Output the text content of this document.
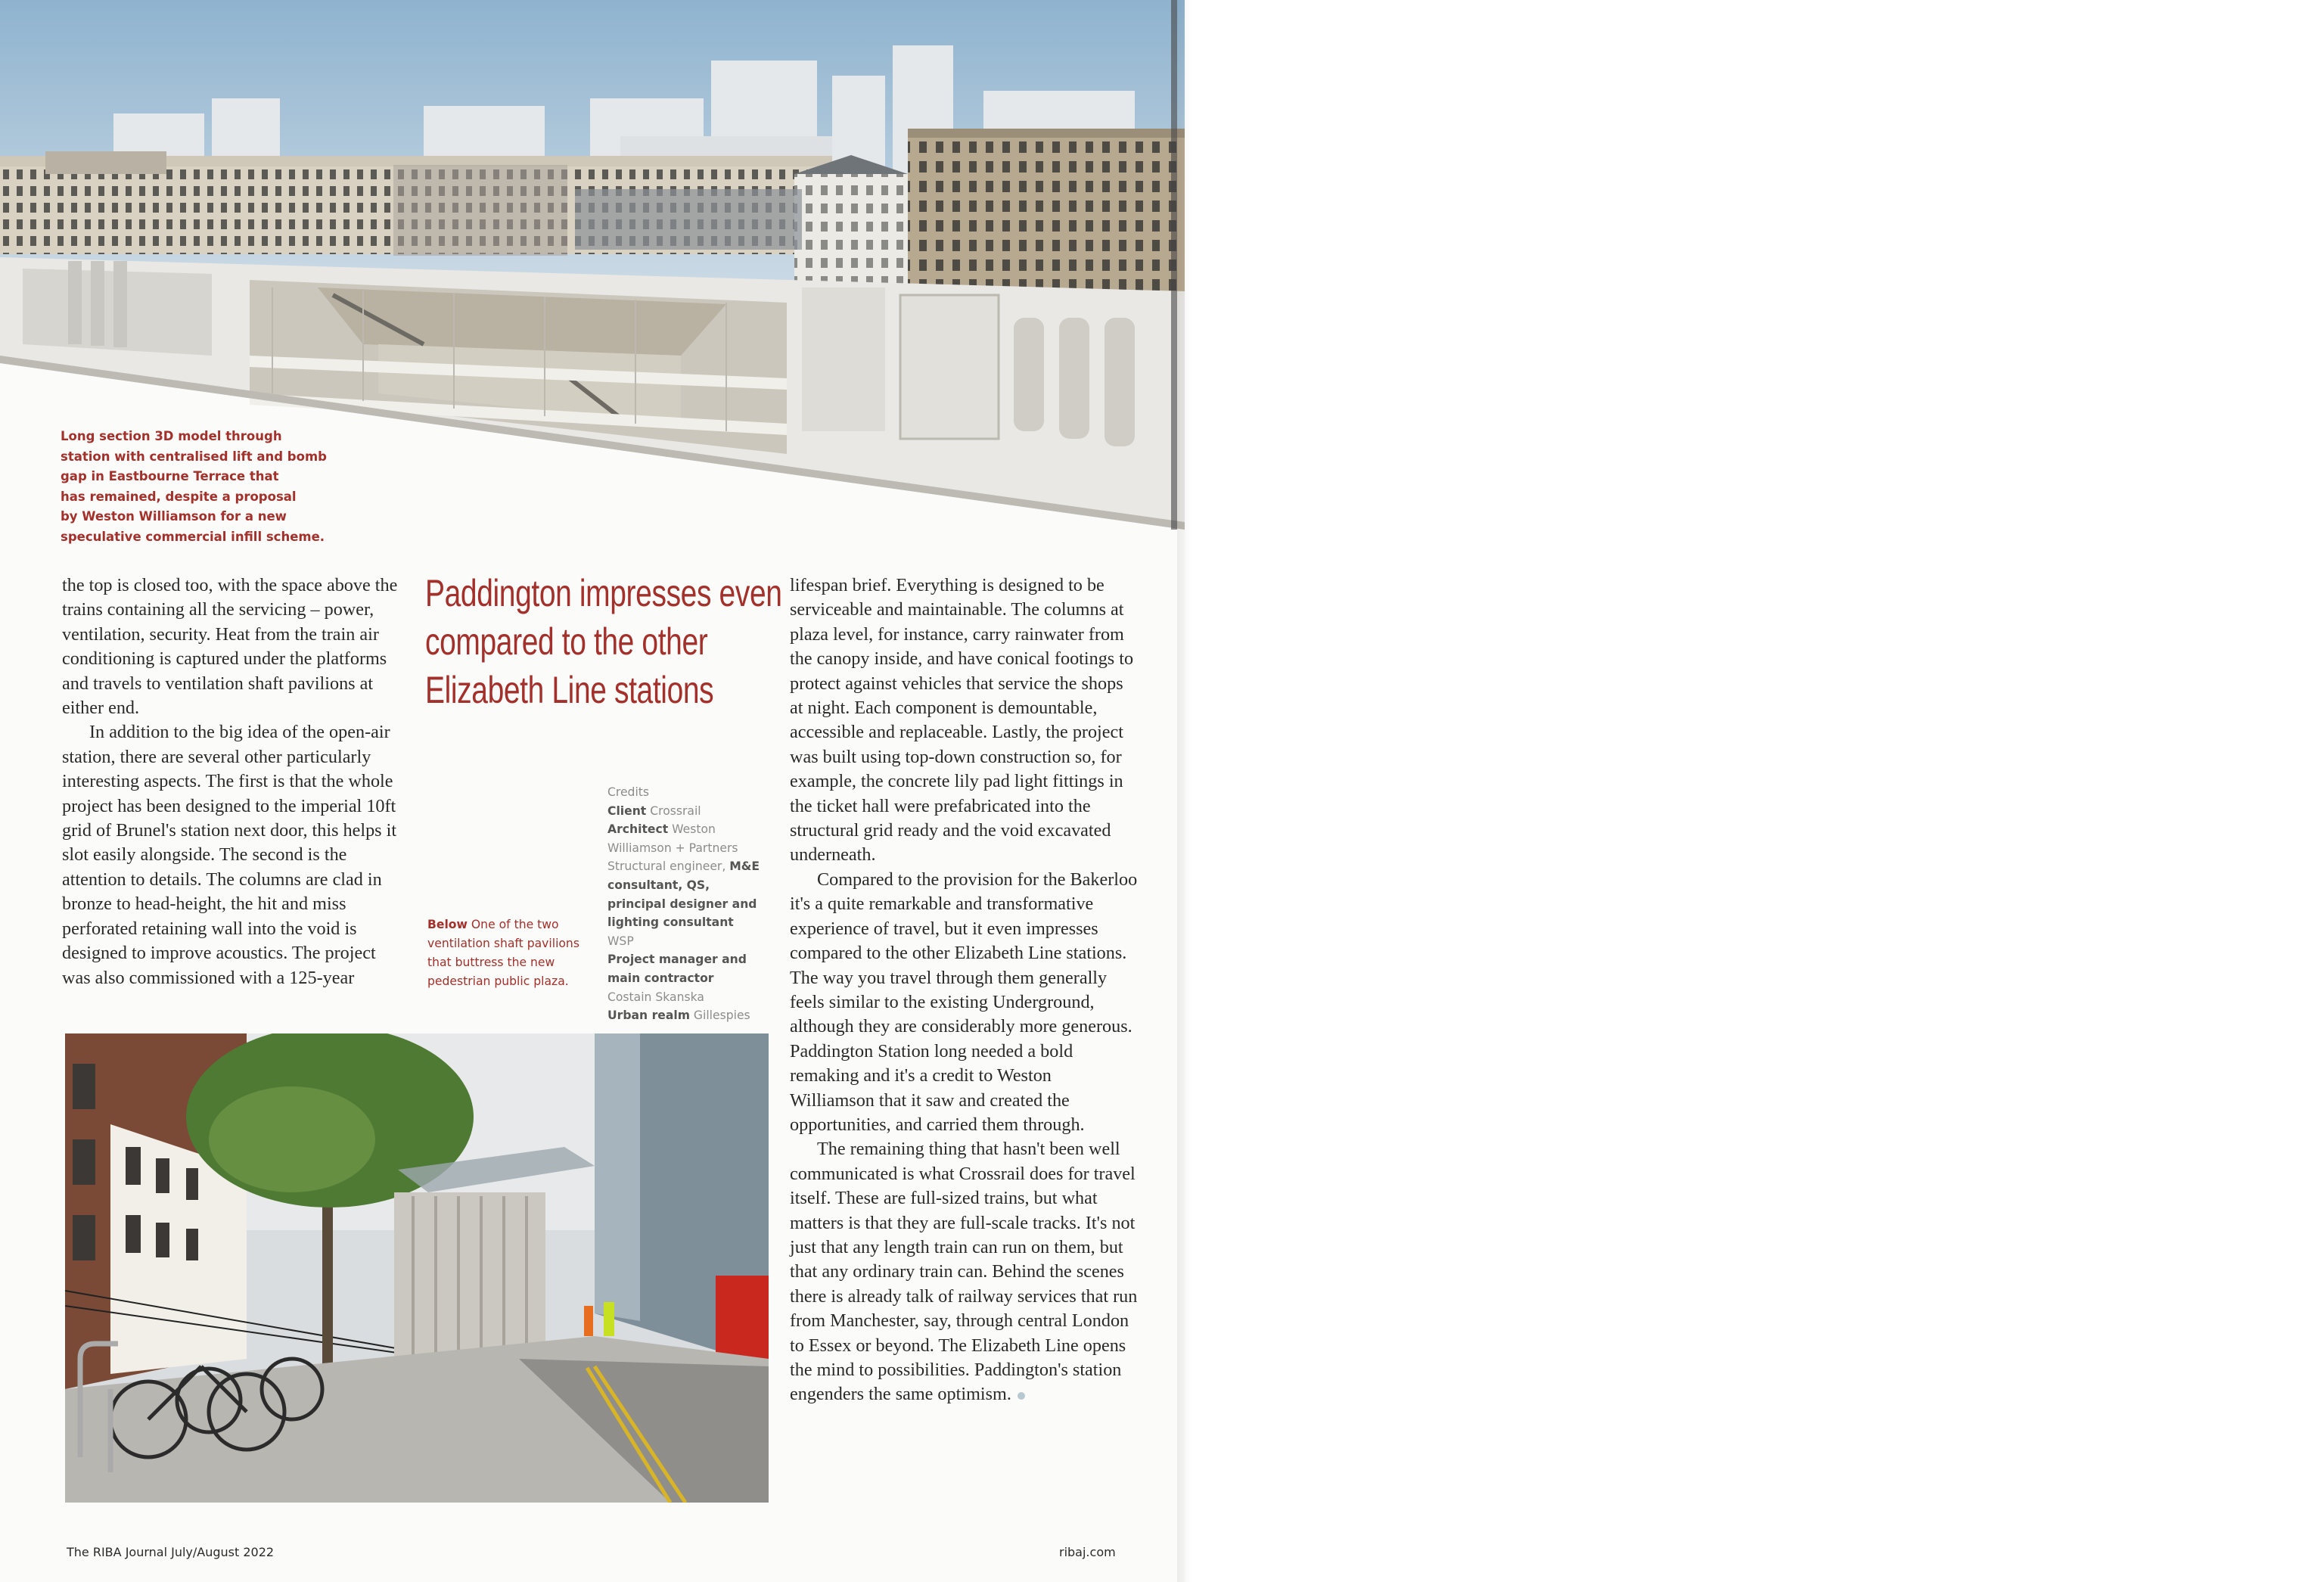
Long section 3D model through
station with centralised lift and bomb
gap in Eastbourne Terrace that
has remained, despite a proposal
by Weston Williamson for a new
speculative commercial infill scheme.

the top is closed too, with the space above the trains containing all the servicing – power, ventilation, security. Heat from the train air conditioning is captured under the platforms and travels to ventilation shaft pavilions at either end.

In addition to the big idea of the open-air station, there are several other particularly interesting aspects. The first is that the whole project has been designed to the imperial 10ft grid of Brunel's station next door, this helps it slot easily alongside. The second is the attention to details. The columns are clad in bronze to head-height, the hit and miss perforated retaining wall into the void is designed to improve acoustics. The project was also commissioned with a 125-year

Paddington impresses even
compared to the other
Elizabeth Line stations
Credits
Client Crossrail
Architect Weston Williamson + Partners
Structural engineer, M&E consultant, QS, principal designer and lighting consultant
WSP
Project manager and main contractor
Costain Skanska
Urban realm Gillespies
Below One of the two ventilation shaft pavilions that buttress the new pedestrian public plaza.

lifespan brief. Everything is designed to be serviceable and maintainable. The columns at plaza level, for instance, carry rainwater from the canopy inside, and have conical footings to protect against vehicles that service the shops at night. Each component is demountable, accessible and replaceable. Lastly, the project was built using top-down construction so, for example, the concrete lily pad light fittings in the ticket hall were prefabricated into the structural grid ready and the void excavated underneath.

Compared to the provision for the Bakerloo it's a quite remarkable and transformative experience of travel, but it even impresses compared to the other Elizabeth Line stations. The way you travel through them generally feels similar to the existing Underground, although they are considerably more generous. Paddington Station long needed a bold remaking and it's a credit to Weston Williamson that it saw and created the opportunities, and carried them through.

The remaining thing that hasn't been well communicated is what Crossrail does for travel itself. These are full-sized trains, but what matters is that they are full-scale tracks. It's not just that any length train can run on them, but that any ordinary train can. Behind the scenes there is already talk of railway services that run from Manchester, say, through central London to Essex or beyond. The Elizabeth Line opens the mind to possibilities. Paddington's station engenders the same optimism.

The RIBA Journal July/August 2022	ribaj.com
